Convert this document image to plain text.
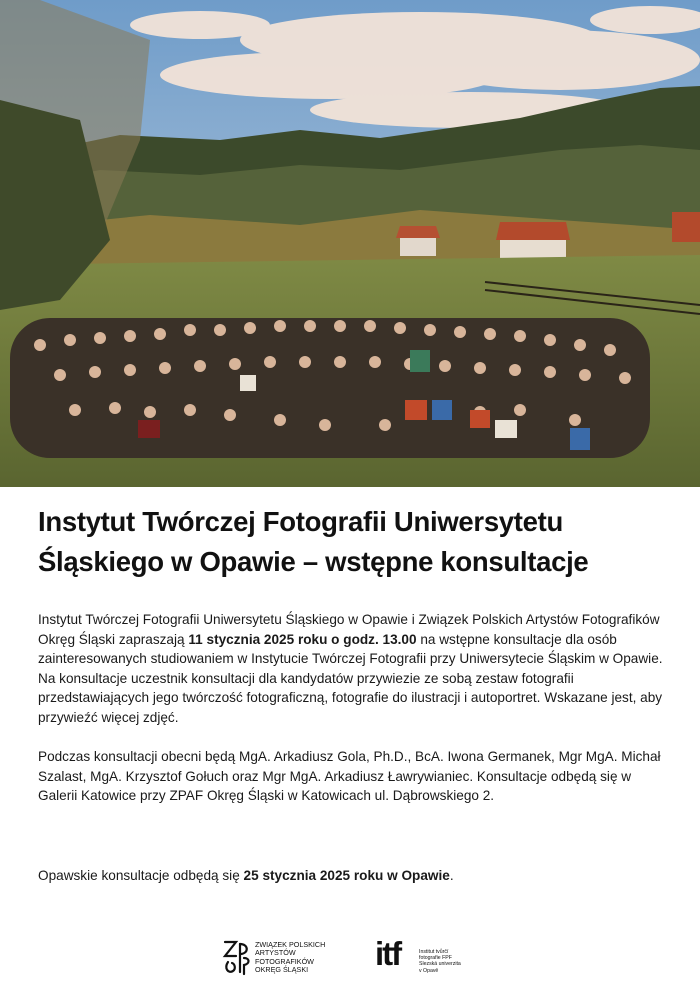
Instytut Twórczej Fotografii Uniwersytetu Śląskiego w Opawie – wstępne konsultacje

Instytut Twórczej Fotografii Uniwersytetu Śląskiego w Opawie i Związek Polskich Artystów Fotografików Okręg Śląski zapraszają 11 stycznia 2025 roku o godz. 13.00 na wstępne konsultacje dla osób zainteresowanych studiowaniem w Instytucie Twórczej Fotografii przy Uniwersytecie Śląskim w Opawie. Na konsultacje uczestnik konsultacji dla kandydatów przywiezie ze sobą zestaw fotografii przedstawiających jego twórczość fotograficzną, fotografie do ilustracji i autoportret. Wskazane jest, aby przywieźć więcej zdjęć.

Podczas konsultacji obecni będą MgA. Arkadiusz Gola, Ph.D., BcA. Iwona Germanek, Mgr MgA. Michał Szalast, MgA. Krzysztof Gołuch oraz Mgr MgA. Arkadiusz Ławrywianiec. Konsultacje odbędą się w Galerii Katowice przy ZPAF Okręg Śląski w Katowicach ul. Dąbrowskiego 2.

Opawskie konsultacje odbędą się 25 stycznia 2025 roku w Opawie.

ZWIĄZEK POLSKICH
ARTYSTÓW
FOTOGRAFIKÓW
OKRĘG ŚLĄSKI	itf	Institut tvůrčí
fotografie FPF
Slezská univerzita
v Opavě
